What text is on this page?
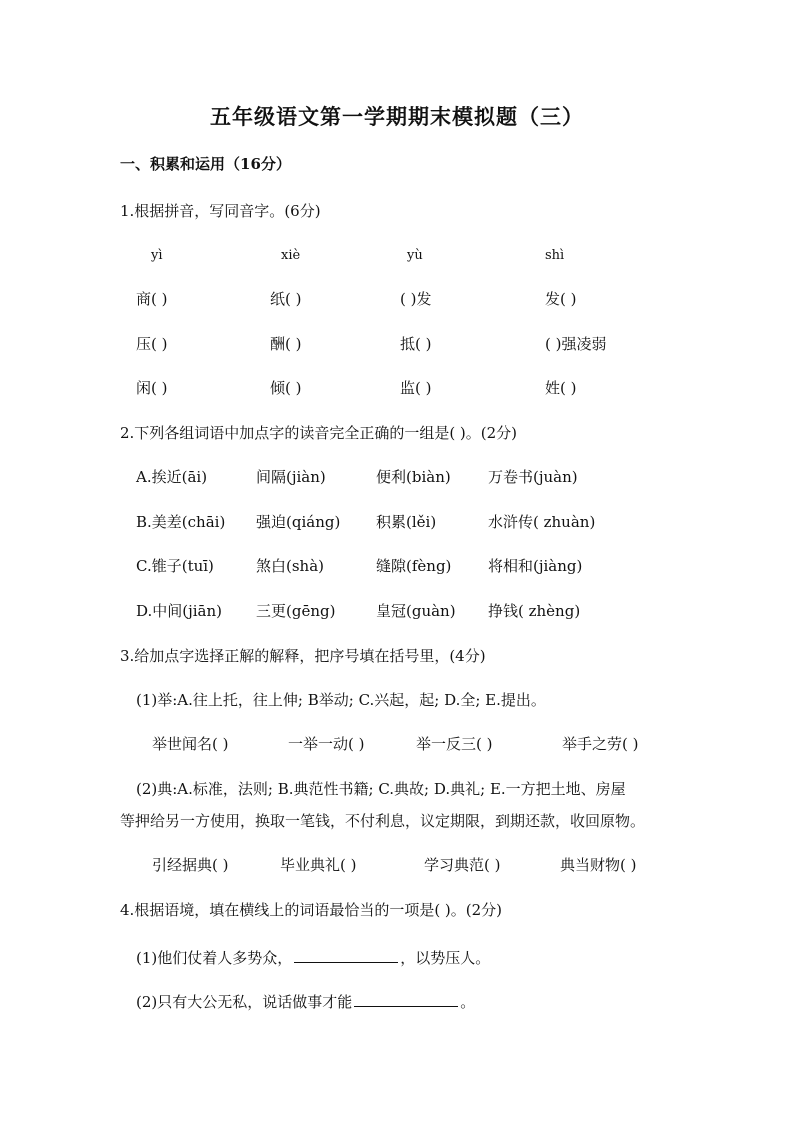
五年级语文第一学期期末模拟题（三）
一、积累和运用（16分）
1.根据拼音，写同音字。(6分)
yì	xiè	yù	shì
商( )	纸( )	( )发	发( )
压( )	酬( )	抵( )	( )强凌弱
闲( )	倾( )	监( )	姓( )
2.下列各组词语中加点字的读音完全正确的一组是( )。(2分)
A.挨近(āi)	间隔(jiàn)	便利(biàn) 万卷书(juàn)
B.美差(chāi) 强迫(qiáng) 积累(lěi)	水浒传( zhuàn)
C.锥子(tuī)	煞白(shà)	缝隙(fèng) 将相和(jiàng)
D.中间(jiān) 三更(gēng)	皇冠(guàn) 挣钱( zhèng)
3.给加点字选择正解的解释，把序号填在括号里，(4分)
(1)举:A.往上托，往上伸; B举动; C.兴起，起; D.全; E.提出。
举世闻名( )	一举一动( )	举一反三( )	举手之劳( )
(2)典:A.标准，法则; B.典范性书籍; C.典故; D.典礼; E.一方把土地、房屋
等押给另一方使用，换取一笔钱，不付利息，议定期限，到期还款，收回原物。
引经据典( )	毕业典礼( )	学习典范( )	典当财物( )
4.根据语境，填在横线上的词语最恰当的一项是( )。(2分)
(1)他们仗着人多势众，	，以势压人。
(2)只有大公无私，说话做事才能	。
